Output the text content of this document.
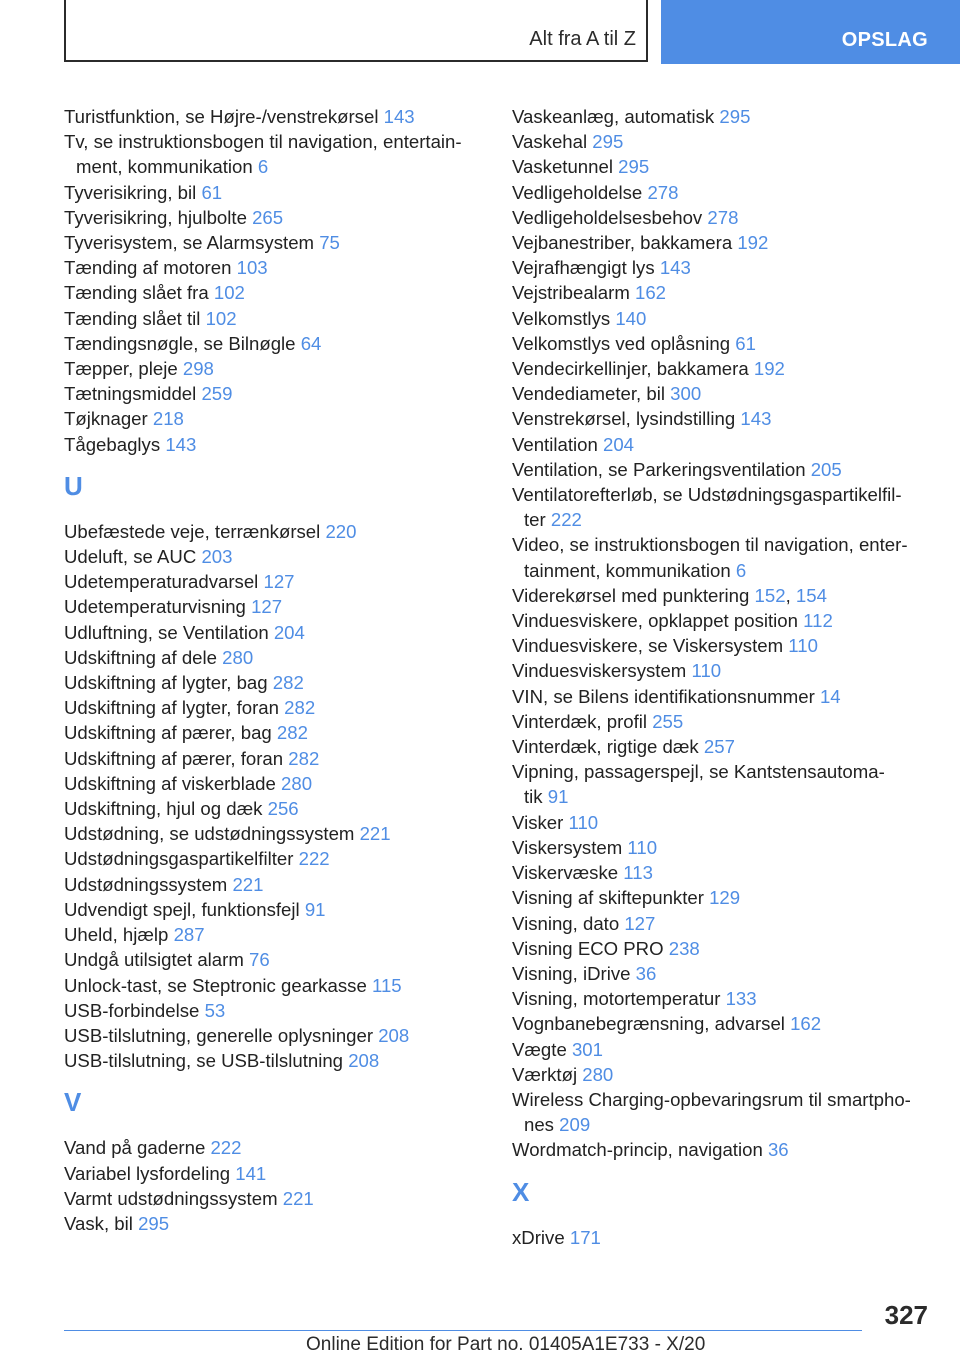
Alt fra A til Z	OPSLAG
Turistfunktion, se Højre-/venstrekørsel 143
Tv, se instruktionsbogen til navigation, entertain‐
ment, kommunikation 6
Tyverisikring, bil 61
Tyverisikring, hjulbolte 265
Tyverisystem, se Alarmsystem 75
Tænding af motoren 103
Tænding slået fra 102
Tænding slået til 102
Tændingsnøgle, se Bilnøgle 64
Tæpper, pleje 298
Tætningsmiddel 259
Tøjknager 218
Tågebaglys 143
U
Ubefæstede veje, terrænkørsel 220
Udeluft, se AUC 203
Udetemperaturadvarsel 127
Udetemperaturvisning 127
Udluftning, se Ventilation 204
Udskiftning af dele 280
Udskiftning af lygter, bag 282
Udskiftning af lygter, foran 282
Udskiftning af pærer, bag 282
Udskiftning af pærer, foran 282
Udskiftning af viskerblade 280
Udskiftning, hjul og dæk 256
Udstødning, se udstødningssystem 221
Udstødningsgaspartikelfilter 222
Udstødningssystem 221
Udvendigt spejl, funktionsfejl 91
Uheld, hjælp 287
Undgå utilsigtet alarm 76
Unlock-tast, se Steptronic gearkasse 115
USB-forbindelse 53
USB-tilslutning, generelle oplysninger 208
USB-tilslutning, se USB-tilslutning 208
V
Vand på gaderne 222
Variabel lysfordeling 141
Varmt udstødningssystem 221
Vask, bil 295
Vaskeanlæg, automatisk 295
Vaskehal 295
Vasketunnel 295
Vedligeholdelse 278
Vedligeholdelsesbehov 278
Vejbanestriber, bakkamera 192
Vejrafhængigt lys 143
Vejstribealarm 162
Velkomstlys 140
Velkomstlys ved oplåsning 61
Vendecirkellinjer, bakkamera 192
Vendediameter, bil 300
Venstrekørsel, lysindstilling 143
Ventilation 204
Ventilation, se Parkeringsventilation 205
Ventilatorefterløb, se Udstødningsgaspartikelfil‐
ter 222
Video, se instruktionsbogen til navigation, enter‐
tainment, kommunikation 6
Viderekørsel med punktering 152, 154
Vinduesviskere, opklappet position 112
Vinduesviskere, se Viskersystem 110
Vinduesviskersystem 110
VIN, se Bilens identifikationsnummer 14
Vinterdæk, profil 255
Vinterdæk, rigtige dæk 257
Vipning, passagerspejl, se Kantstensautoma‐
tik 91
Visker 110
Viskersystem 110
Viskervæske 113
Visning af skiftepunkter 129
Visning, dato 127
Visning ECO PRO 238
Visning, iDrive 36
Visning, motortemperatur 133
Vognbanebegrænsning, advarsel 162
Vægte 301
Værktøj 280
Wireless Charging-opbevaringsrum til smartpho‐
nes 209
Wordmatch-princip, navigation 36
X
xDrive 171
327
Online Edition for Part no. 01405A1E733 - X/20
